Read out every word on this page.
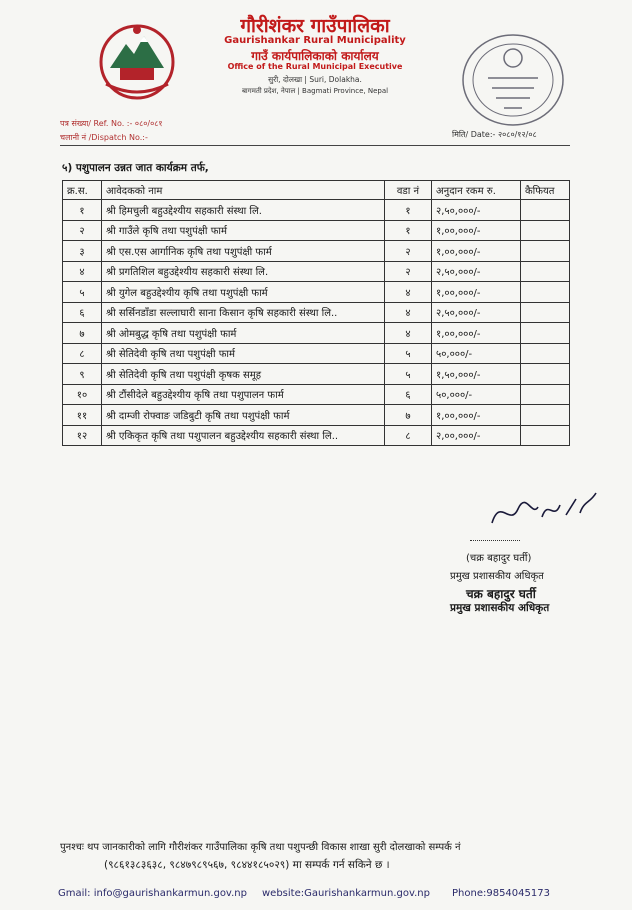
गौरीशंकर गाउँपालिका
Gaurishankar Rural Municipality
गाउँ कार्यपालिकाको कार्यालय
Office of the Rural Municipal Executive
सुरी, दोलखा | Suri, Dolakha.
बागमती प्रदेश, नेपाल | Bagmati Province, Nepal
पत्र संख्या/ Ref. No. :- ०८०/०८१
चलानी नं /Dispatch No.:-	मिति/ Date:- २०८०/१२/०८
५) पशुपालन उन्नत जात कार्यक्रम तर्फ,
क्र.स.	आवेदकको नाम	वडा नं	अनुदान रकम रु.	कैफियत
१	श्री हिमचुली बहुउद्देश्यीय सहकारी संस्था लि.	१	२,५०,०००/-	
२	श्री गाउँले कृषि तथा पशुपंक्षी फार्म	१	१,००,०००/-	
३	श्री एस.एस आर्गानिक कृषि तथा पशुपंक्षी फार्म	२	१,००,०००/-	
४	श्री प्रगतिशिल बहुउद्देश्यीय सहकारी संस्था लि.	२	२,५०,०००/-	
५	श्री युगेल बहुउद्देश्यीय कृषि तथा पशुपंक्षी फार्म	४	१,००,०००/-	
६	श्री सर्सिनडाँडा सल्लाघारी साना किसान कृषि सहकारी संस्था लि..	४	२,५०,०००/-	
७	श्री ओमबुद्ध कृषि तथा पशुपंक्षी फार्म	४	१,००,०००/-	
८	श्री सेतिदेवी कृषि तथा पशुपंक्षी फार्म	५	५०,०००/-	
९	श्री सेतिदेवी कृषि तथा पशुपंक्षी कृषक समूह	५	१,५०,०००/-	
१०	श्री टौंसीदेले बहुउद्देश्यीय कृषि तथा पशुपालन फार्म	६	५०,०००/-	
११	श्री दाम्जी रोफ्वाङ जडिबुटी कृषि तथा पशुपंक्षी फार्म	७	१,००,०००/-	
१२	श्री एकिकृत कृषि तथा पशुपालन बहुउद्देश्यीय सहकारी संस्था लि..	८	२,००,०००/-	
(चक्र बहादुर घर्ती)
प्रमुख प्रशासकीय अधिकृत
चक्र बहादुर घर्ती
प्रमुख प्रशासकीय अधिकृत
पुनश्चः थप जानकारीको लागि गौरीशंकर गाउँपालिका कृषि तथा पशुपन्छी विकास शाखा सुरी दोलखाको सम्पर्क नं
(९८६१३८३६३८, ९८४७९८९५६७, ९८४४१८५०२९) मा सम्पर्क गर्न सकिने छ ।
Gmail: info@gaurishankarmun.gov.np website:Gaurishankarmun.gov.np Phone:9854045173
